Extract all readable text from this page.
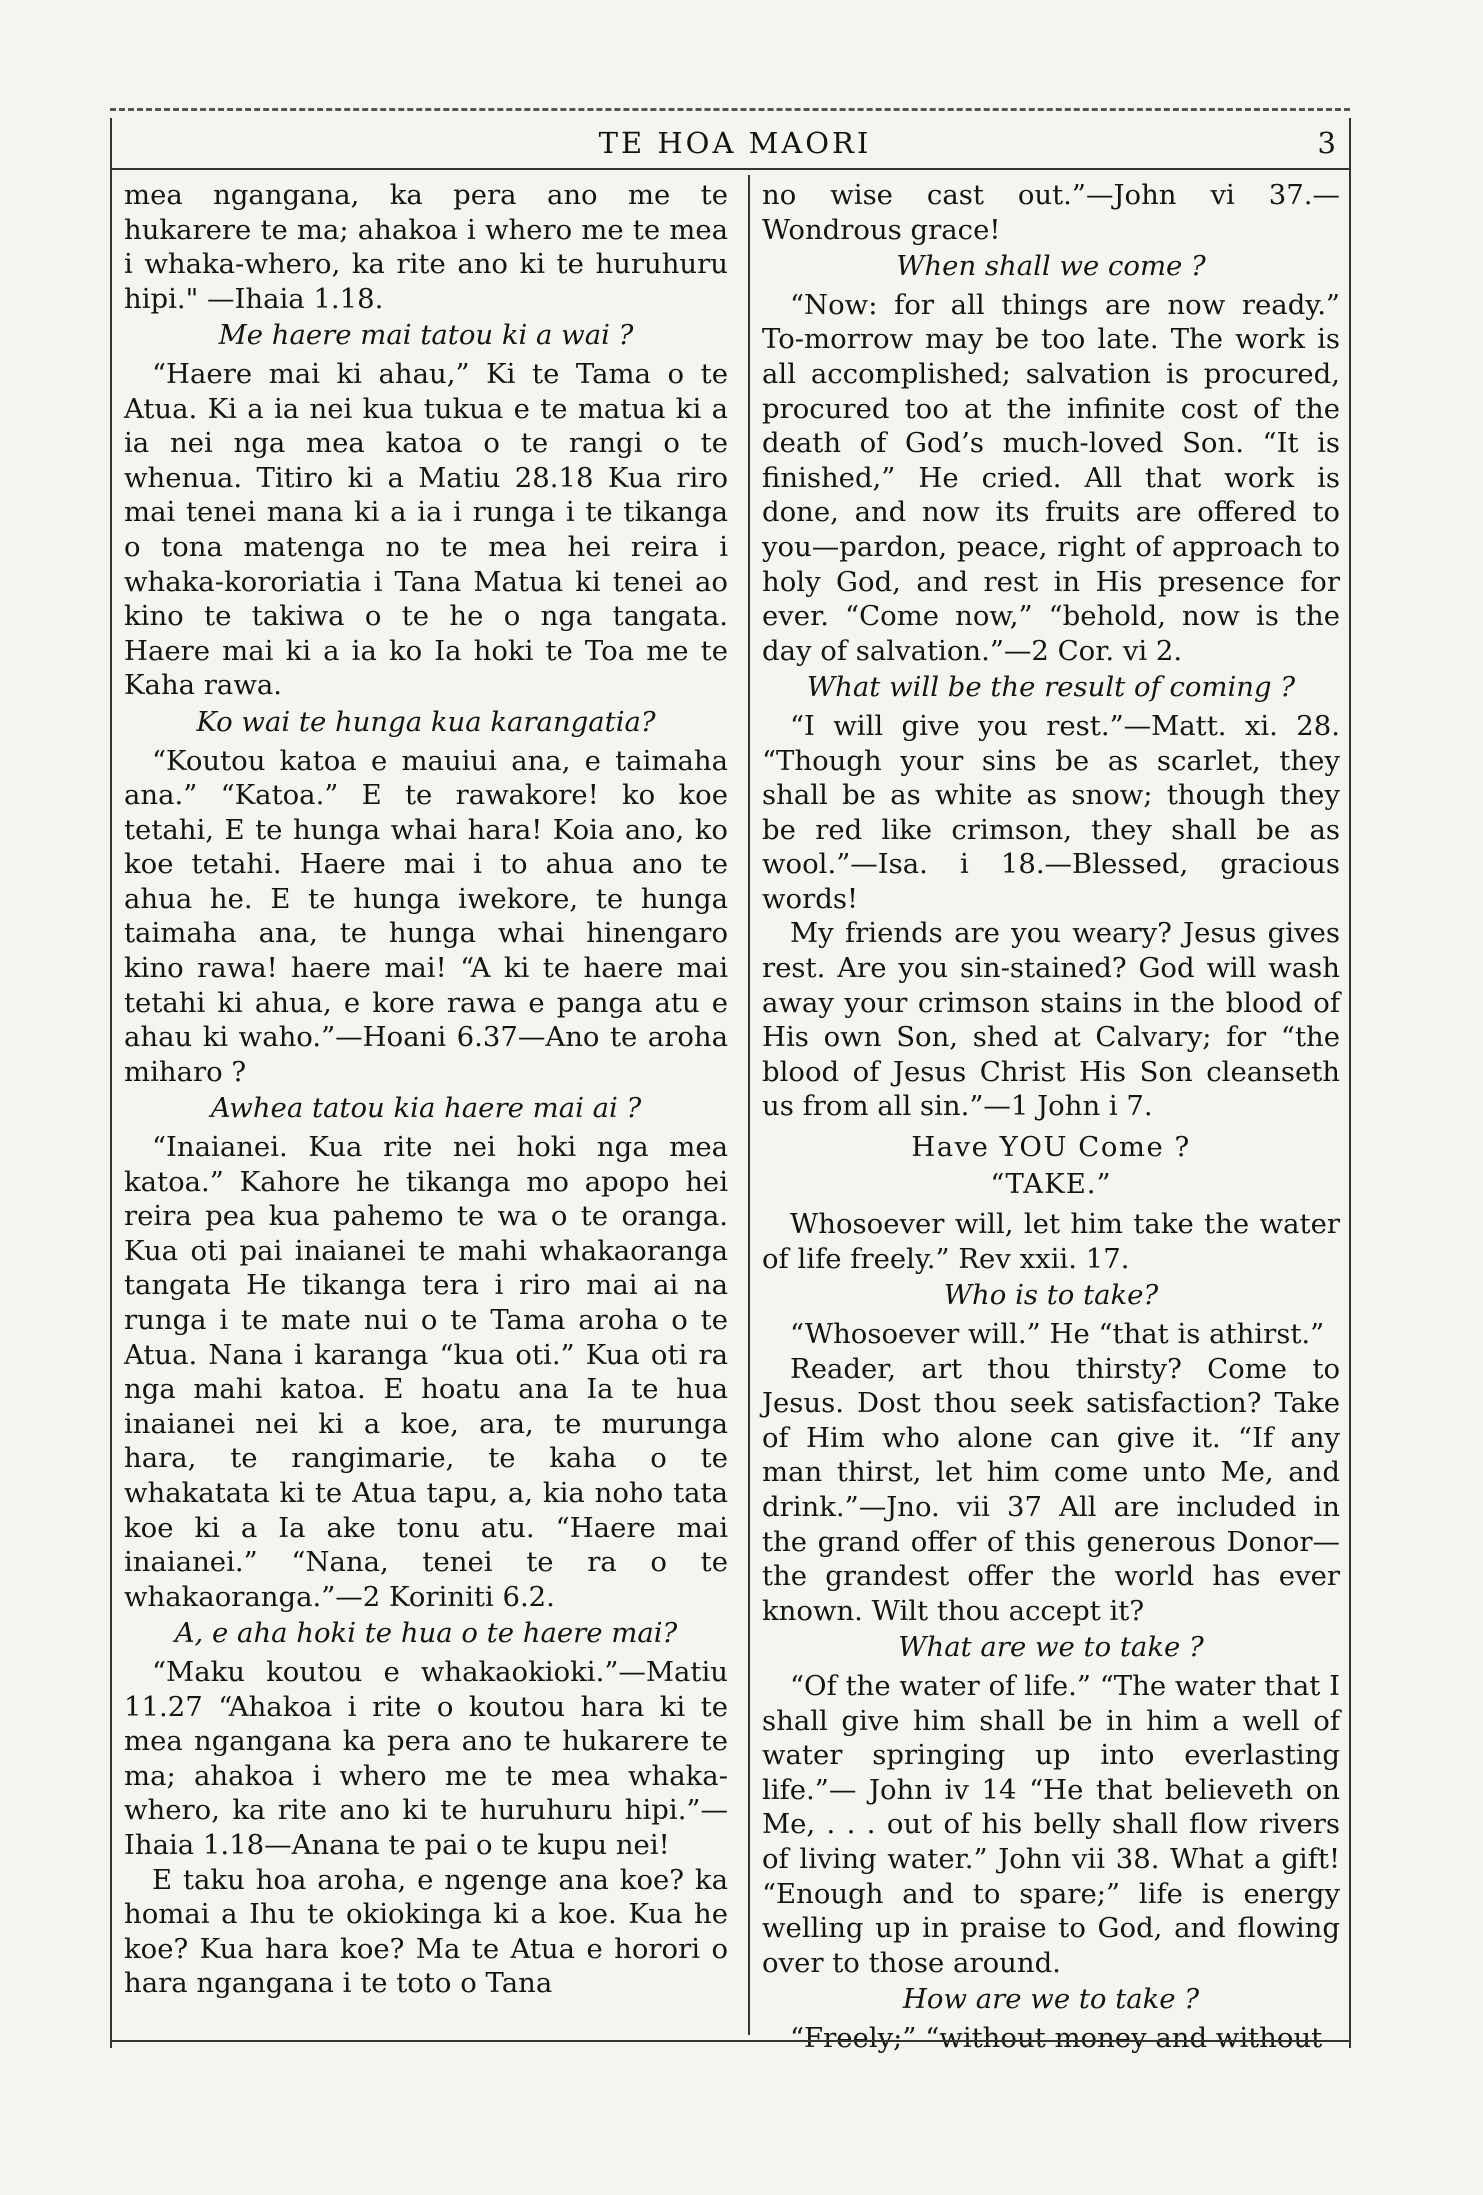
TE HOA MAORI	3

mea ngangana, ka pera ano me te hukarere te ma; ahakoa i whero me te mea i whaka-whero, ka rite ano ki te huruhuru hipi." —Ihaia 1.18.

Me haere mai tatou ki a wai ?

“Haere mai ki ahau,” Ki te Tama o te Atua. Ki a ia nei kua tukua e te matua ki a ia nei nga mea katoa o te rangi o te whenua. Titiro ki a Matiu 28.18 Kua riro mai tenei mana ki a ia i runga i te tikanga o tona matenga no te mea hei reira i whaka-kororiatia i Tana Matua ki tenei ao kino te takiwa o te he o nga tangata. Haere mai ki a ia ko Ia hoki te Toa me te Kaha rawa.

Ko wai te hunga kua karangatia?

“Koutou katoa e mauiui ana, e taimaha ana.” “Katoa.” E te rawakore! ko koe tetahi, E te hunga whai hara! Koia ano, ko koe tetahi. Haere mai i to ahua ano te ahua he. E te hunga iwekore, te hunga taimaha ana, te hunga whai hinengaro kino rawa! haere mai! “A ki te haere mai tetahi ki ahua, e kore rawa e panga atu e ahau ki waho.”—Hoani 6.37—Ano te aroha miharo ?

Awhea tatou kia haere mai ai ?

“Inaianei. Kua rite nei hoki nga mea katoa.” Kahore he tikanga mo apopo hei reira pea kua pahemo te wa o te oranga. Kua oti pai inaianei te mahi whakaoranga tangata He tikanga tera i riro mai ai na runga i te mate nui o te Tama aroha o te Atua. Nana i karanga “kua oti.” Kua oti ra nga mahi katoa. E hoatu ana Ia te hua inaianei nei ki a koe, ara, te murunga hara, te rangimarie, te kaha o te whakatata ki te Atua tapu, a, kia noho tata koe ki a Ia ake tonu atu. “Haere mai inaianei.” “Nana, tenei te ra o te whakaoranga.”—2 Koriniti 6.2.

A, e aha hoki te hua o te haere mai?

“Maku koutou e whakaokioki.”—Matiu 11.27 “Ahakoa i rite o koutou hara ki te mea ngangana ka pera ano te hukarere te ma; ahakoa i whero me te mea whaka-whero, ka rite ano ki te huruhuru hipi.”— Ihaia 1.18—Anana te pai o te kupu nei!

E taku hoa aroha, e ngenge ana koe? ka homai a Ihu te okiokinga ki a koe. Kua he koe? Kua hara koe? Ma te Atua e horori o hara ngangana i te toto o Tana

no wise cast out.”—John vi 37.—Wondrous grace!

When shall we come ?

“Now: for all things are now ready.” To-morrow may be too late. The work is all accomplished; salvation is procured, procured too at the infinite cost of the death of God’s much-loved Son. “It is finished,” He cried. All that work is done, and now its fruits are offered to you—pardon, peace, right of approach to holy God, and rest in His presence for ever. “Come now,” “behold, now is the day of salvation.”—2 Cor. vi 2.

What will be the result of coming ?

“I will give you rest.”—Matt. xi. 28. “Though your sins be as scarlet, they shall be as white as snow; though they be red like crimson, they shall be as wool.”—Isa. i 18.—Blessed, gracious words!

My friends are you weary? Jesus gives rest. Are you sin-stained? God will wash away your crimson stains in the blood of His own Son, shed at Calvary; for “the blood of Jesus Christ His Son cleanseth us from all sin.”—1 John i 7.

Have YOU Come ?

“TAKE.”

Whosoever will, let him take the water of life freely.” Rev xxii. 17.

Who is to take?

“Whosoever will.” He “that is athirst.”

Reader, art thou thirsty? Come to Jesus. Dost thou seek satisfaction? Take of Him who alone can give it. “If any man thirst, let him come unto Me, and drink.”—Jno. vii 37 All are included in the grand offer of this generous Donor—the grandest offer the world has ever known. Wilt thou accept it?

What are we to take ?

“Of the water of life.” “The water that I shall give him shall be in him a well of water springing up into everlasting life.”— John iv 14 “He that believeth on Me, . . . out of his belly shall flow rivers of living water.” John vii 38. What a gift! “Enough and to spare;” life is energy welling up in praise to God, and flowing over to those around.

How are we to take ?

“Freely;” “without money and without
